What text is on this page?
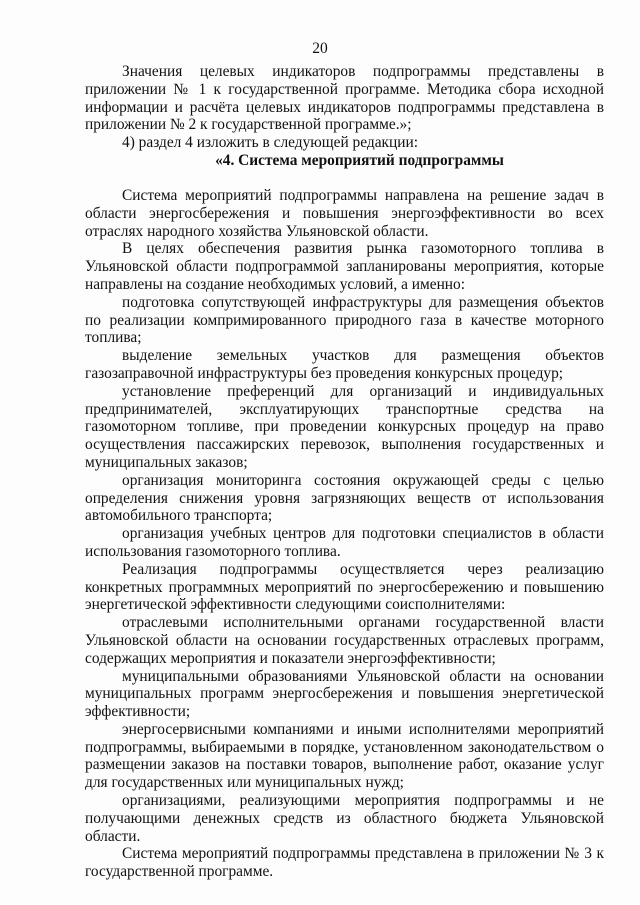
20

Значения целевых индикаторов подпрограммы представлены в приложении № 1 к государственной программе. Методика сбора исходной информации и расчёта целевых индикаторов подпрограммы представлена в приложении № 2 к государственной программе.»;

4) раздел 4 изложить в следующей редакции:

«4. Система мероприятий подпрограммы

Система мероприятий подпрограммы направлена на решение задач в области энергосбережения и повышения энергоэффективности во всех отраслях народного хозяйства Ульяновской области.

В целях обеспечения развития рынка газомоторного топлива в Ульяновской области подпрограммой запланированы мероприятия, которые направлены на создание необходимых условий, а именно:

подготовка сопутствующей инфраструктуры для размещения объектов по реализации компримированного природного газа в качестве моторного топлива;

выделение земельных участков для размещения объектов газозаправочной инфраструктуры без проведения конкурсных процедур;

установление преференций для организаций и индивидуальных предпринимателей, эксплуатирующих транспортные средства на газомоторном топливе, при проведении конкурсных процедур на право осуществления пассажирских перевозок, выполнения государственных и муниципальных заказов;

организация мониторинга состояния окружающей среды с целью определения снижения уровня загрязняющих веществ от использования автомобильного транспорта;

организация учебных центров для подготовки специалистов в области использования газомоторного топлива.

Реализация подпрограммы осуществляется через реализацию конкретных программных мероприятий по энергосбережению и повышению энергетической эффективности следующими соисполнителями:

отраслевыми исполнительными органами государственной власти Ульяновской области на основании государственных отраслевых программ, содержащих мероприятия и показатели энергоэффективности;

муниципальными образованиями Ульяновской области на основании муниципальных программ энергосбережения и повышения энергетической эффективности;

энергосервисными компаниями и иными исполнителями мероприятий подпрограммы, выбираемыми в порядке, установленном законодательством о размещении заказов на поставки товаров, выполнение работ, оказание услуг для государственных или муниципальных нужд;

организациями, реализующими мероприятия подпрограммы и не получающими денежных средств из областного бюджета Ульяновской области.

Система мероприятий подпрограммы представлена в приложении № 3 к государственной программе.
